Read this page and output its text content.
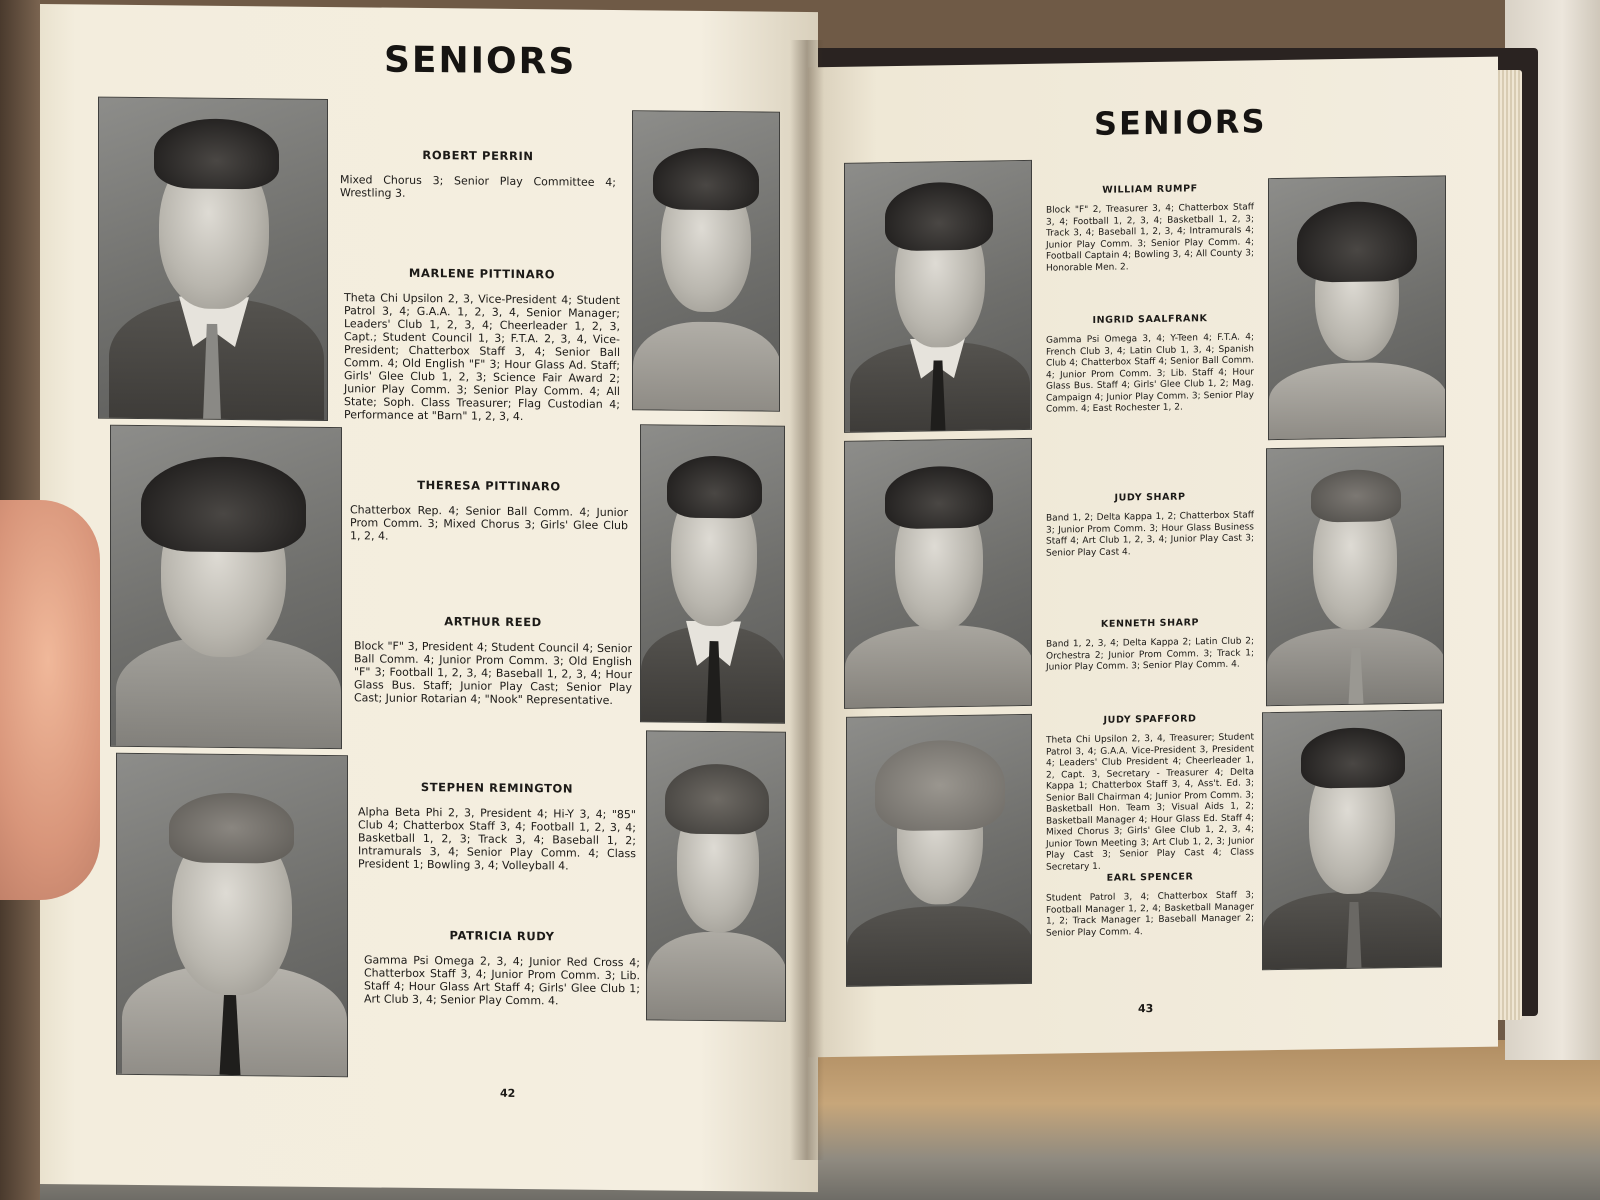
SENIORS
ROBERT PERRIN
Mixed Chorus 3; Senior Play Committee 4; Wrestling 3.
MARLENE PITTINARO
Theta Chi Upsilon 2, 3, Vice-President 4; Student Patrol 3, 4; G.A.A. 1, 2, 3, 4, Senior Manager; Leaders' Club 1, 2, 3, 4; Cheerleader 1, 2, 3, Capt.; Student Council 1, 3; F.T.A. 2, 3, 4, Vice-President; Chatterbox Staff 3, 4; Senior Ball Comm. 4; Old English "F" 3; Hour Glass Ad. Staff; Girls' Glee Club 1, 2, 3; Science Fair Award 2; Junior Play Comm. 3; Senior Play Comm. 4; All State; Soph. Class Treasurer; Flag Custodian 4; Performance at "Barn" 1, 2, 3, 4.
THERESA PITTINARO
Chatterbox Rep. 4; Senior Ball Comm. 4; Junior Prom Comm. 3; Mixed Chorus 3; Girls' Glee Club 1, 2, 4.
ARTHUR REED
Block "F" 3, President 4; Student Council 4; Senior Ball Comm. 4; Junior Prom Comm. 3; Old English "F" 3; Football 1, 2, 3, 4; Baseball 1, 2, 3, 4; Hour Glass Bus. Staff; Junior Play Cast; Senior Play Cast; Junior Rotarian 4; "Nook" Representative.
STEPHEN REMINGTON
Alpha Beta Phi 2, 3, President 4; Hi-Y 3, 4; "85" Club 4; Chatterbox Staff 3, 4; Football 1, 2, 3, 4; Basketball 1, 2, 3; Track 3, 4; Baseball 1, 2; Intramurals 3, 4; Senior Play Comm. 4; Class President 1; Bowling 3, 4; Volleyball 4.
PATRICIA RUDY
Gamma Psi Omega 2, 3, 4; Junior Red Cross 4; Chatterbox Staff 3, 4; Junior Prom Comm. 3; Lib. Staff 4; Hour Glass Art Staff 4; Girls' Glee Club 1; Art Club 3, 4; Senior Play Comm. 4.
42
SENIORS
WILLIAM RUMPF
Block "F" 2, Treasurer 3, 4; Chatterbox Staff 3, 4; Football 1, 2, 3, 4; Basketball 1, 2, 3; Track 3, 4; Baseball 1, 2, 3, 4; Intramurals 4; Junior Play Comm. 3; Senior Play Comm. 4; Football Captain 4; Bowling 3, 4; All County 3; Honorable Men. 2.
INGRID SAALFRANK
Gamma Psi Omega 3, 4; Y-Teen 4; F.T.A. 4; French Club 3, 4; Latin Club 1, 3, 4; Spanish Club 4; Chatterbox Staff 4; Senior Ball Comm. 4; Junior Prom Comm. 3; Lib. Staff 4; Hour Glass Bus. Staff 4; Girls' Glee Club 1, 2; Mag. Campaign 4; Junior Play Comm. 3; Senior Play Comm. 4; East Rochester 1, 2.
JUDY SHARP
Band 1, 2; Delta Kappa 1, 2; Chatterbox Staff 3; Junior Prom Comm. 3; Hour Glass Business Staff 4; Art Club 1, 2, 3, 4; Junior Play Cast 3; Senior Play Cast 4.
KENNETH SHARP
Band 1, 2, 3, 4; Delta Kappa 2; Latin Club 2; Orchestra 2; Junior Prom Comm. 3; Track 1; Junior Play Comm. 3; Senior Play Comm. 4.
JUDY SPAFFORD
Theta Chi Upsilon 2, 3, 4, Treasurer; Student Patrol 3, 4; G.A.A. Vice-President 3, President 4; Leaders' Club President 4; Cheerleader 1, 2, Capt. 3, Secretary - Treasurer 4; Delta Kappa 1; Chatterbox Staff 3, 4, Ass't. Ed. 3; Senior Ball Chairman 4; Junior Prom Comm. 3; Basketball Hon. Team 3; Visual Aids 1, 2; Basketball Manager 4; Hour Glass Ed. Staff 4; Mixed Chorus 3; Girls' Glee Club 1, 2, 3, 4; Junior Town Meeting 3; Art Club 1, 2, 3; Junior Play Cast 3; Senior Play Cast 4; Class Secretary 1.
EARL SPENCER
Student Patrol 3, 4; Chatterbox Staff 3; Football Manager 1, 2, 4; Basketball Manager 1, 2; Track Manager 1; Baseball Manager 2; Senior Play Comm. 4.
43
